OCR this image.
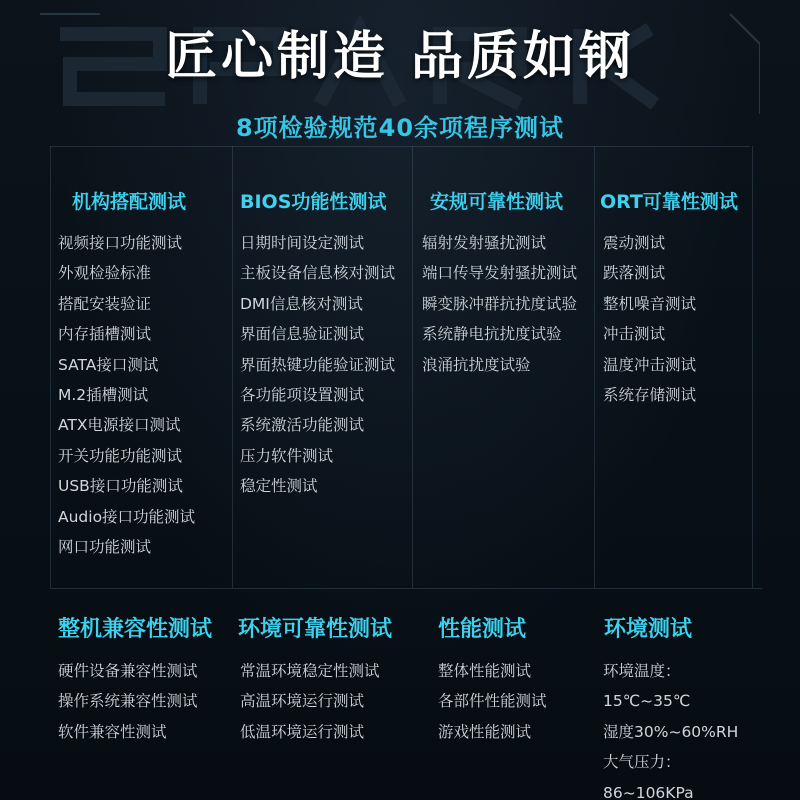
匠心制造 品质如钢
8项检验规范40余项程序测试
机构搭配测试
视频接口功能测试
外观检验标准
搭配安装验证
内存插槽测试
SATA接口测试
M.2插槽测试
ATX电源接口测试
开关功能功能测试
USB接口功能测试
Audio接口功能测试
网口功能测试
BIOS功能性测试
日期时间设定测试
主板设备信息核对测试
DMI信息核对测试
界面信息验证测试
界面热键功能验证测试
各功能项设置测试
系统激活功能测试
压力软件测试
稳定性测试
安规可靠性测试
辐射发射骚扰测试
端口传导发射骚扰测试
瞬变脉冲群抗扰度试验
系统静电抗扰度试验
浪涌抗扰度试验
ORT可靠性测试
震动测试
跌落测试
整机噪音测试
冲击测试
温度冲击测试
系统存储测试
整机兼容性测试
硬件设备兼容性测试
操作系统兼容性测试
软件兼容性测试
环境可靠性测试
常温环境稳定性测试
高温环境运行测试
低温环境运行测试
性能测试
整体性能测试
各部件性能测试
游戏性能测试
环境测试
环境温度：
15℃~35℃
湿度30%~60%RH
大气压力：
86~106KPa
